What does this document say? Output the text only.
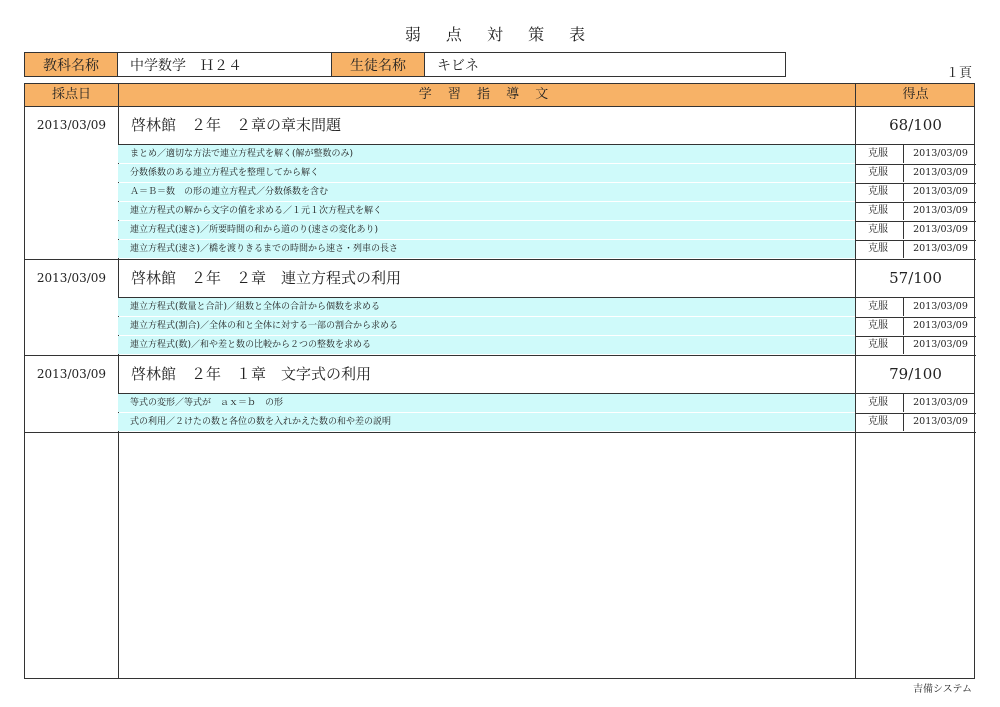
弱 点 対 策 表
教科名称	中学数学　Ｈ２４	生徒名称	キビネ	１頁
採点日	学 習 指 導 文	得点
2013/03/09	啓林館　２年　２章の章末問題	68/100
まとめ／適切な方法で連立方程式を解く(解が整数のみ)	克服	2013/03/09
分数係数のある連立方程式を整理してから解く	克服	2013/03/09
Ａ＝Ｂ＝数　の形の連立方程式／分数係数を含む	克服	2013/03/09
連立方程式の解から文字の値を求める／１元１次方程式を解く	克服	2013/03/09
連立方程式(速さ)／所要時間の和から道のり(速さの変化あり)	克服	2013/03/09
連立方程式(速さ)／橋を渡りきるまでの時間から速さ・列車の長さ	克服	2013/03/09
2013/03/09	啓林館　２年　２章　連立方程式の利用	57/100
連立方程式(数量と合計)／組数と全体の合計から個数を求める	克服	2013/03/09
連立方程式(割合)／全体の和と全体に対する一部の割合から求める	克服	2013/03/09
連立方程式(数)／和や差と数の比較から２つの整数を求める	克服	2013/03/09
2013/03/09	啓林館　２年　１章　文字式の利用	79/100
等式の変形／等式が　ａｘ＝ｂ　の形	克服	2013/03/09
式の利用／２けたの数と各位の数を入れかえた数の和や差の説明	克服	2013/03/09
吉備システム
